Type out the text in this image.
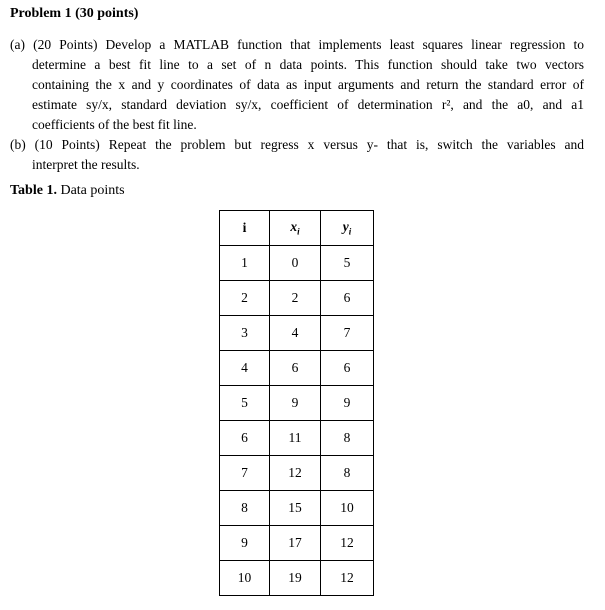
Problem 1 (30 points)
(a) (20 Points) Develop a MATLAB function that implements least squares linear regression to
determine a best fit line to a set of n data points. This function should take two vectors
containing the x and y coordinates of data as input arguments and return the standard error of
estimate sy/x, standard deviation sy/x, coefficient of determination r², and the a0, and a1
coefficients of the best fit line.
(b) (10 Points) Repeat the problem but regress x versus y- that is, switch the variables and
interpret the results.
Table 1. Data points
i	$x_i$	$y_i$
1	0	5
2	2	6
3	4	7
4	6	6
5	9	9
6	11	8
7	12	8
8	15	10
9	17	12
10	19	12
